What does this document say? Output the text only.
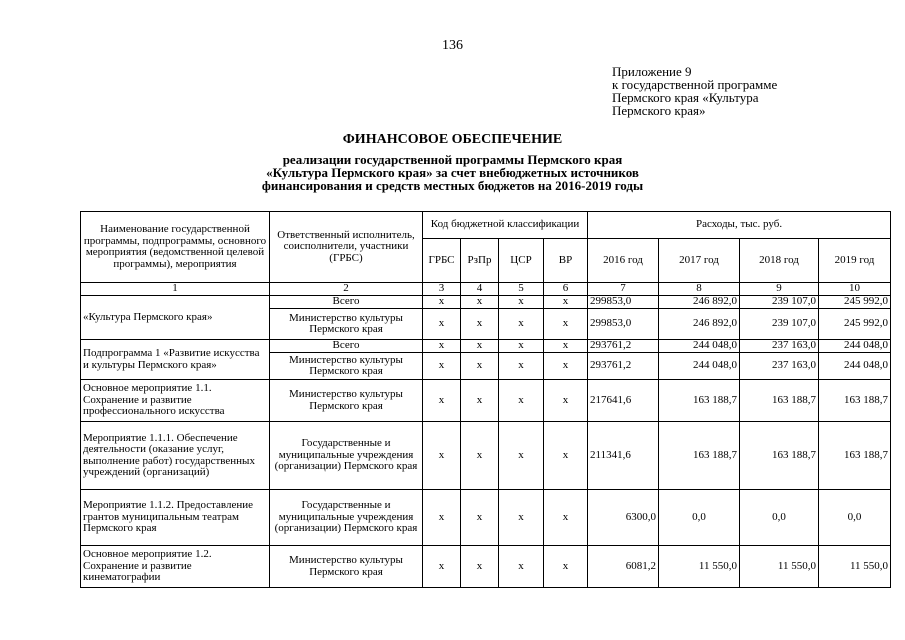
136
Приложение 9
к государственной программе
Пермского края «Культура
Пермского края»
ФИНАНСОВОЕ ОБЕСПЕЧЕНИЕ
реализации государственной программы Пермского края
«Культура Пермского края» за счет внебюджетных источников
финансирования и средств местных бюджетов на 2016-2019 годы
Наименование государственной программы, подпрограммы, основного мероприятия (ведомственной целевой программы), мероприятия	Ответственный исполнитель, соисполнители, участники (ГРБС)	Код бюджетной классификации				Расходы, тыс. руб.			
		ГРБС	РзПр	ЦСР	ВР	2016 год	2017 год	2018 год	2019 год
1	2	3	4	5	6	7	8	9	10
«Культура Пермского края»	Всего	х	х	х	х	299853,0	246 892,0	239 107,0	245 992,0
	Министерство культуры Пермского края	х	х	х	х	299853,0	246 892,0	239 107,0	245 992,0
Подпрограмма 1 «Развитие искусства и культуры Пермского края»	Всего	х	х	х	х	293761,2	244 048,0	237 163,0	244 048,0
	Министерство культуры Пермского края	х	х	х	х	293761,2	244 048,0	237 163,0	244 048,0
Основное мероприятие 1.1. Сохранение и развитие профессионального искусства	Министерство культуры Пермского края	х	х	х	х	217641,6	163 188,7	163 188,7	163 188,7
Мероприятие 1.1.1. Обеспечение деятельности (оказание услуг, выполнение работ) государственных учреждений (организаций)	Государственные и муниципальные учреждения (организации) Пермского края	х	х	х	х	211341,6	163 188,7	163 188,7	163 188,7
Мероприятие 1.1.2. Предоставление грантов муниципальным театрам Пермского края	Государственные и муниципальные учреждения (организации) Пермского края	х	х	х	х	6300,0	0,0	0,0	0,0
Основное мероприятие 1.2. Сохранение и развитие кинематографии	Министерство культуры Пермского края	х	х	х	х	6081,2	11 550,0	11 550,0	11 550,0
